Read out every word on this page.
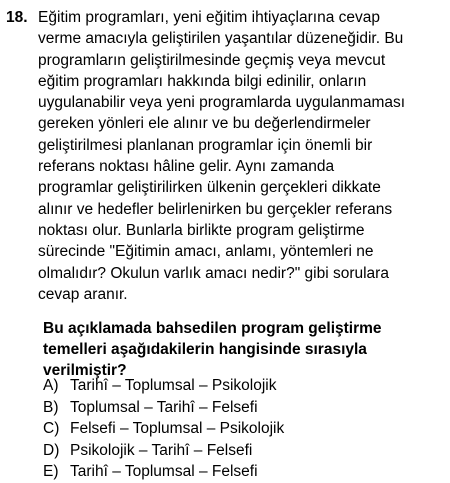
18. Eğitim programları, yeni eğitim ihtiyaçlarına cevap
verme amacıyla geliştirilen yaşantılar düzeneğidir. Bu
programların geliştirilmesinde geçmiş veya mevcut
eğitim programları hakkında bilgi edinilir, onların
uygulanabilir veya yeni programlarda uygulanmaması
gereken yönleri ele alınır ve bu değerlendirmeler
geliştirilmesi planlanan programlar için önemli bir
referans noktası hâline gelir. Aynı zamanda
programlar geliştirilirken ülkenin gerçekleri dikkate
alınır ve hedefler belirlenirken bu gerçekler referans
noktası olur. Bunlarla birlikte program geliştirme
sürecinde "Eğitimin amacı, anlamı, yöntemleri ne
olmalıdır? Okulun varlık amacı nedir?" gibi sorulara
cevap aranır.
Bu açıklamada bahsedilen program geliştirme
temelleri aşağıdakilerin hangisinde sırasıyla
verilmiştir?
A) Tarihî – Toplumsal – Psikolojik
B) Toplumsal – Tarihî – Felsefi
C) Felsefi – Toplumsal – Psikolojik
D) Psikolojik – Tarihî – Felsefi
E) Tarihî – Toplumsal – Felsefi
